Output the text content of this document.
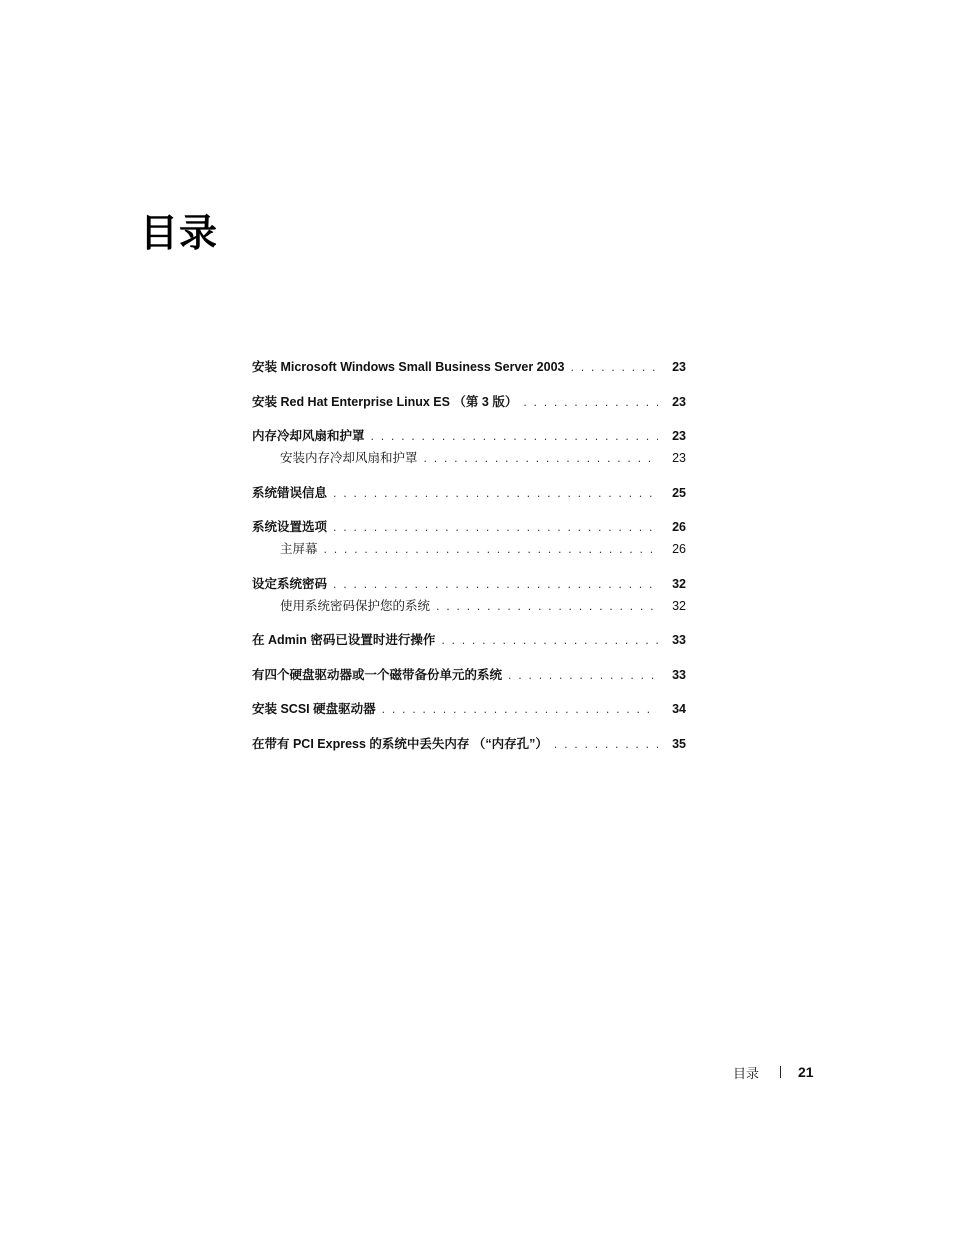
目录
安装 Microsoft Windows Small Business Server 2003 . . .	23
安装 Red Hat Enterprise Linux ES （第 3 版） . . .	23
内存冷却风扇和护罩 . . .	23
安装内存冷却风扇和护罩 . . .	23
系统错误信息 . . .	25
系统设置选项 . . .	26
主屏幕 . . .	26
设定系统密码 . . .	32
使用系统密码保护您的系统 . . .	32
在 Admin 密码已设置时进行操作 . . .	33
有四个硬盘驱动器或一个磁带备份单元的系统 . . .	33
安装 SCSI 硬盘驱动器 . . .	34
在带有 PCI Express 的系统中丢失内存 （“内存孔”） . . .	35
目录	21
